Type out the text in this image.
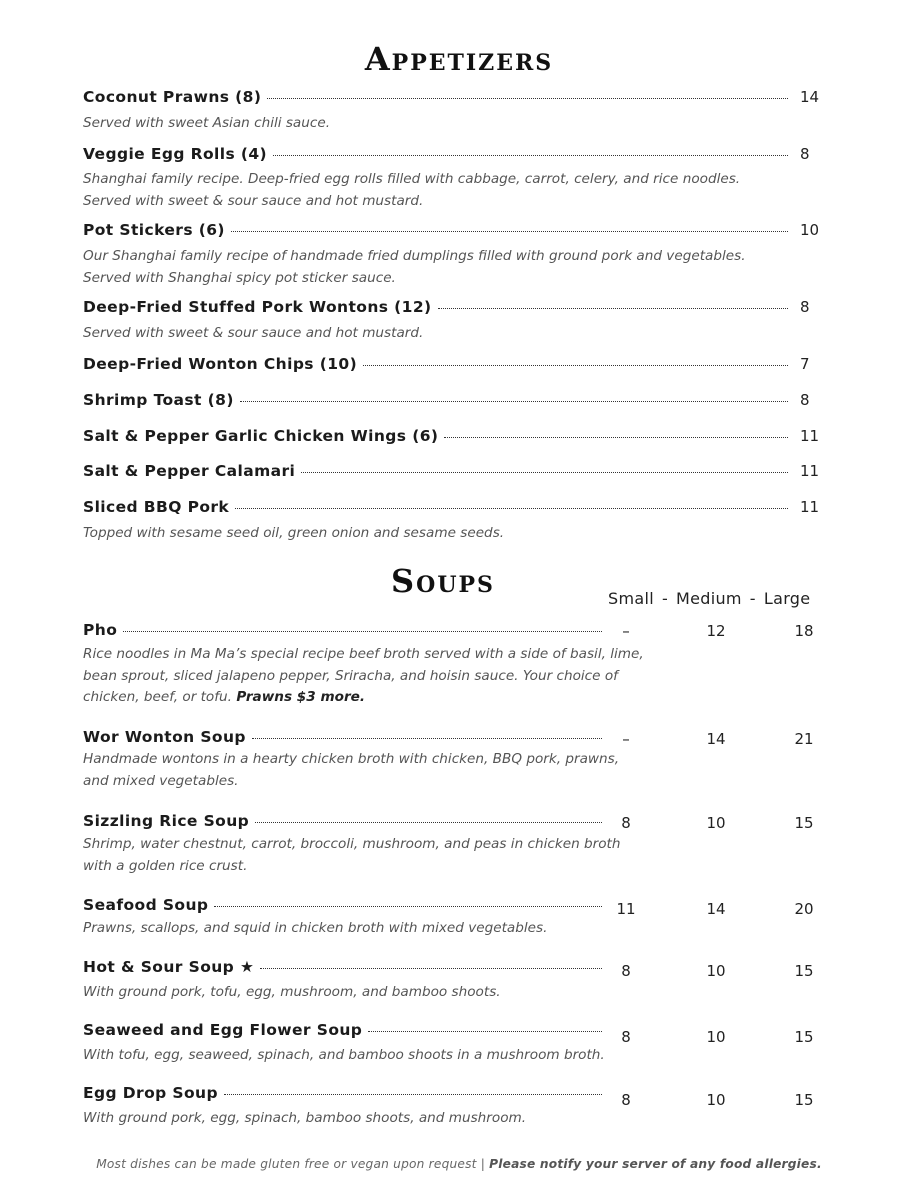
Appetizers
Coconut Prawns (8)	14
Served with sweet Asian chili sauce.
Veggie Egg Rolls (4)	8
Shanghai family recipe. Deep-fried egg rolls filled with cabbage, carrot, celery, and rice noodles.
Served with sweet & sour sauce and hot mustard.
Pot Stickers (6)	10
Our Shanghai family recipe of handmade fried dumplings filled with ground pork and vegetables.
Served with Shanghai spicy pot sticker sauce.
Deep-Fried Stuffed Pork Wontons (12)	8
Served with sweet & sour sauce and hot mustard.
Deep-Fried Wonton Chips (10)	7
Shrimp Toast (8)	8
Salt & Pepper Garlic Chicken Wings (6)	11
Salt & Pepper Calamari	11
Sliced BBQ Pork	11
Topped with sesame seed oil, green onion and sesame seeds.
Soups	Small - Medium - Large
Pho	–	12	18
Rice noodles in Ma Ma’s special recipe beef broth served with a side of basil, lime,
bean sprout, sliced jalapeno pepper, Sriracha, and hoisin sauce. Your choice of
chicken, beef, or tofu. Prawns $3 more.
Wor Wonton Soup	–	14	21
Handmade wontons in a hearty chicken broth with chicken, BBQ pork, prawns,
and mixed vegetables.
Sizzling Rice Soup	8	10	15
Shrimp, water chestnut, carrot, broccoli, mushroom, and peas in chicken broth
with a golden rice crust.
Seafood Soup	11	14	20
Prawns, scallops, and squid in chicken broth with mixed vegetables.
Hot & Sour Soup ★	8	10	15
With ground pork, tofu, egg, mushroom, and bamboo shoots.
Seaweed and Egg Flower Soup	8	10	15
With tofu, egg, seaweed, spinach, and bamboo shoots in a mushroom broth.
Egg Drop Soup	8	10	15
With ground pork, egg, spinach, bamboo shoots, and mushroom.
Most dishes can be made gluten free or vegan upon request | Please notify your server of any food allergies.
